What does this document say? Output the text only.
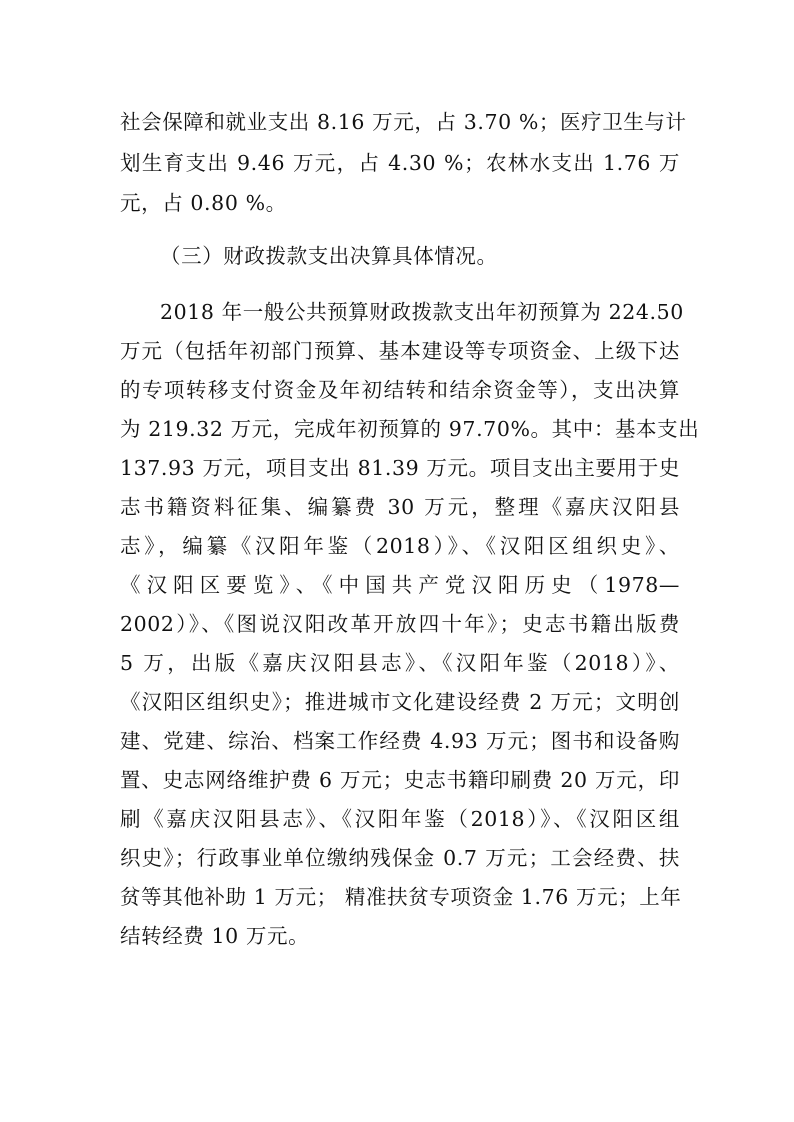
社会保障和就业支出 8.16 万元，占 3.70 %；医疗卫生与计
划生育支出 9.46 万元，占 4.30 %；农林水支出 1.76 万
元，占 0.80 %。
（三）财政拨款支出决算具体情况。
2018 年一般公共预算财政拨款支出年初预算为 224.50
万元（包括年初部门预算、基本建设等专项资金、上级下达
的专项转移支付资金及年初结转和结余资金等），支出决算
为 219.32 万元，完成年初预算的 97.70%。其中：基本支出
137.93 万元，项目支出 81.39 万元。项目支出主要用于史
志书籍资料征集、编纂费 30 万元，整理《嘉庆汉阳县
志》，编纂《汉阳年鉴（2018）》、《汉阳区组织史》、
《汉阳区要览》、《中国共产党汉阳历史（1978—
2002）》、《图说汉阳改革开放四十年》；史志书籍出版费
5 万，出版《嘉庆汉阳县志》、《汉阳年鉴（2018）》、
《汉阳区组织史》；推进城市文化建设经费 2 万元；文明创
建、党建、综治、档案工作经费 4.93 万元；图书和设备购
置、史志网络维护费 6 万元；史志书籍印刷费 20 万元，印
刷《嘉庆汉阳县志》、《汉阳年鉴（2018）》、《汉阳区组
织史》；行政事业单位缴纳残保金 0.7 万元；工会经费、扶
贫等其他补助 1 万元； 精准扶贫专项资金 1.76 万元；上年
结转经费 10 万元。
